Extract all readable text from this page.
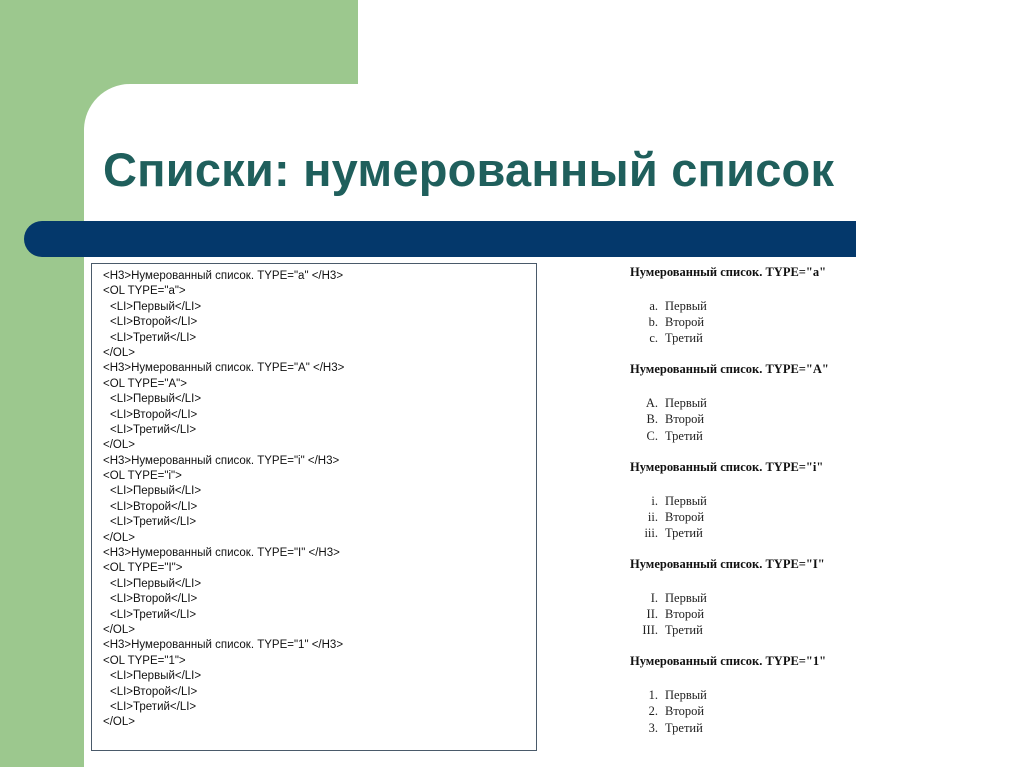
Списки: нумерованный список
<H3>Нумерованный список. TYPE="a" </H3>
<OL TYPE="a">
<LI>Первый</LI>
<LI>Второй</LI>
<LI>Третий</LI>
</OL>
<H3>Нумерованный список. TYPE="A" </H3>
<OL TYPE="A">
<LI>Первый</LI>
<LI>Второй</LI>
<LI>Третий</LI>
</OL>
<H3>Нумерованный список. TYPE="i" </H3>
<OL TYPE="i">
<LI>Первый</LI>
<LI>Второй</LI>
<LI>Третий</LI>
</OL>
<H3>Нумерованный список. TYPE="I" </H3>
<OL TYPE="I">
<LI>Первый</LI>
<LI>Второй</LI>
<LI>Третий</LI>
</OL>
<H3>Нумерованный список. TYPE="1" </H3>
<OL TYPE="1">
<LI>Первый</LI>
<LI>Второй</LI>
<LI>Третий</LI>
</OL>
Нумерованный список. TYPE="a"
a. Первый
b. Второй
c. Третий
Нумерованный список. TYPE="A"
A. Первый
B. Второй
C. Третий
Нумерованный список. TYPE="i"
i. Первый
ii. Второй
iii. Третий
Нумерованный список. TYPE="I"
I. Первый
II. Второй
III. Третий
Нумерованный список. TYPE="1"
1. Первый
2. Второй
3. Третий
